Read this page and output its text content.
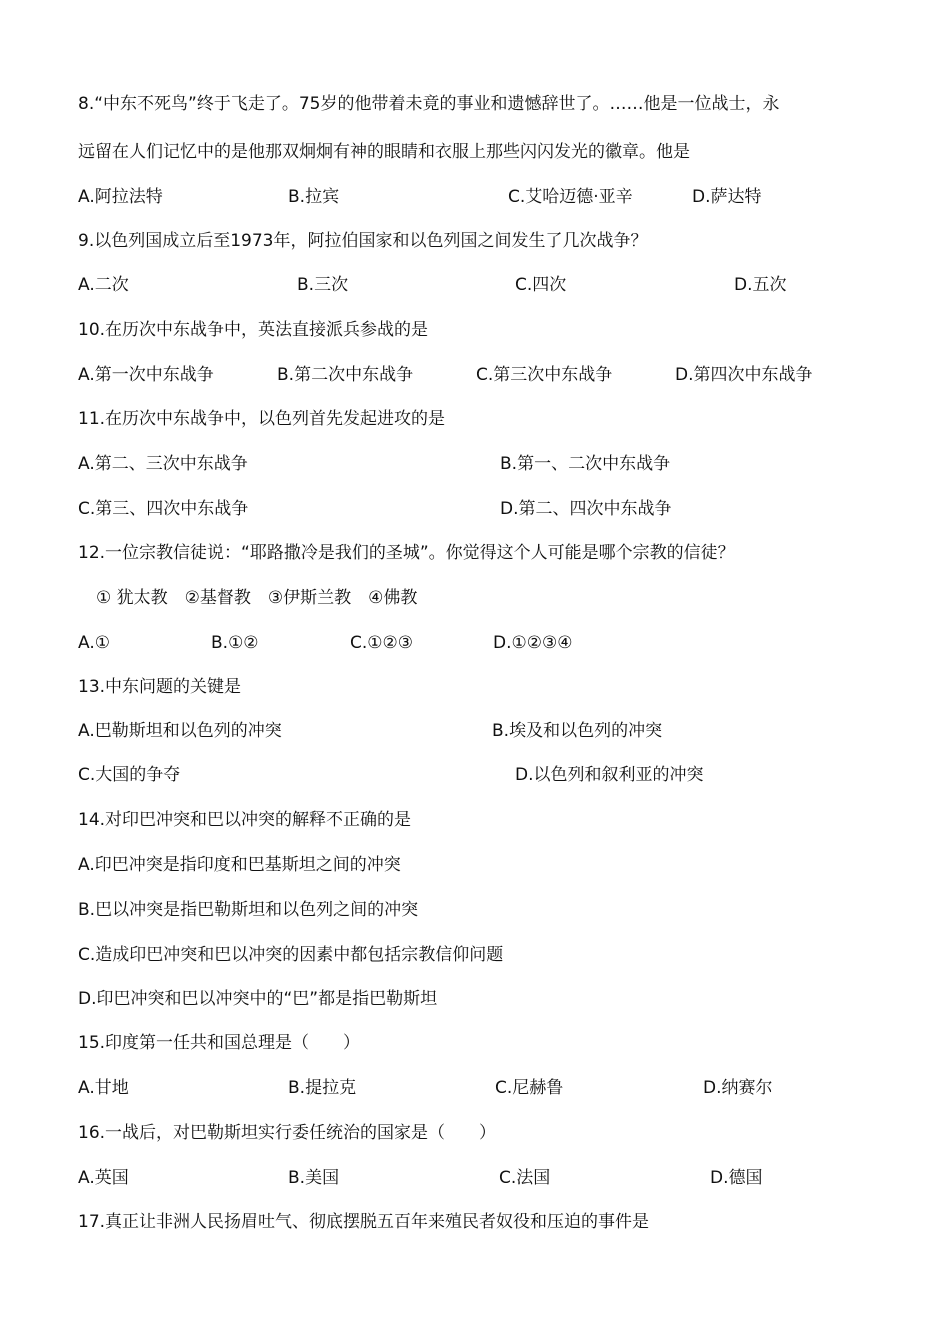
8.“中东不死鸟”终于飞走了。75岁的他带着未竟的事业和遗憾辞世了。……他是一位战士，永
远留在人们记忆中的是他那双炯炯有神的眼睛和衣服上那些闪闪发光的徽章。他是
A.阿拉法特	B.拉宾	C.艾哈迈德·亚辛	D.萨达特
9.以色列国成立后至1973年，阿拉伯国家和以色列国之间发生了几次战争？
A.二次	B.三次	C.四次	D.五次
10.在历次中东战争中，英法直接派兵参战的是
A.第一次中东战争	B.第二次中东战争	C.第三次中东战争	D.第四次中东战争
11.在历次中东战争中，以色列首先发起进攻的是
A.第二、三次中东战争	B.第一、二次中东战争
C.第三、四次中东战争	D.第二、四次中东战争
12.一位宗教信徒说：“耶路撒冷是我们的圣城”。你觉得这个人可能是哪个宗教的信徒？
① 犹太教　②基督教　③伊斯兰教　④佛教
A.①	B.①②	C.①②③	D.①②③④
13.中东问题的关键是
A.巴勒斯坦和以色列的冲突	B.埃及和以色列的冲突
C.大国的争夺	D.以色列和叙利亚的冲突
14.对印巴冲突和巴以冲突的解释不正确的是
A.印巴冲突是指印度和巴基斯坦之间的冲突
B.巴以冲突是指巴勒斯坦和以色列之间的冲突
C.造成印巴冲突和巴以冲突的因素中都包括宗教信仰问题
D.印巴冲突和巴以冲突中的“巴”都是指巴勒斯坦
15.印度第一任共和国总理是（　　）
A.甘地	B.提拉克	C.尼赫鲁	D.纳赛尔
16.一战后，对巴勒斯坦实行委任统治的国家是（　　）
A.英国	B.美国	C.法国	D.德国
17.真正让非洲人民扬眉吐气、彻底摆脱五百年来殖民者奴役和压迫的事件是
